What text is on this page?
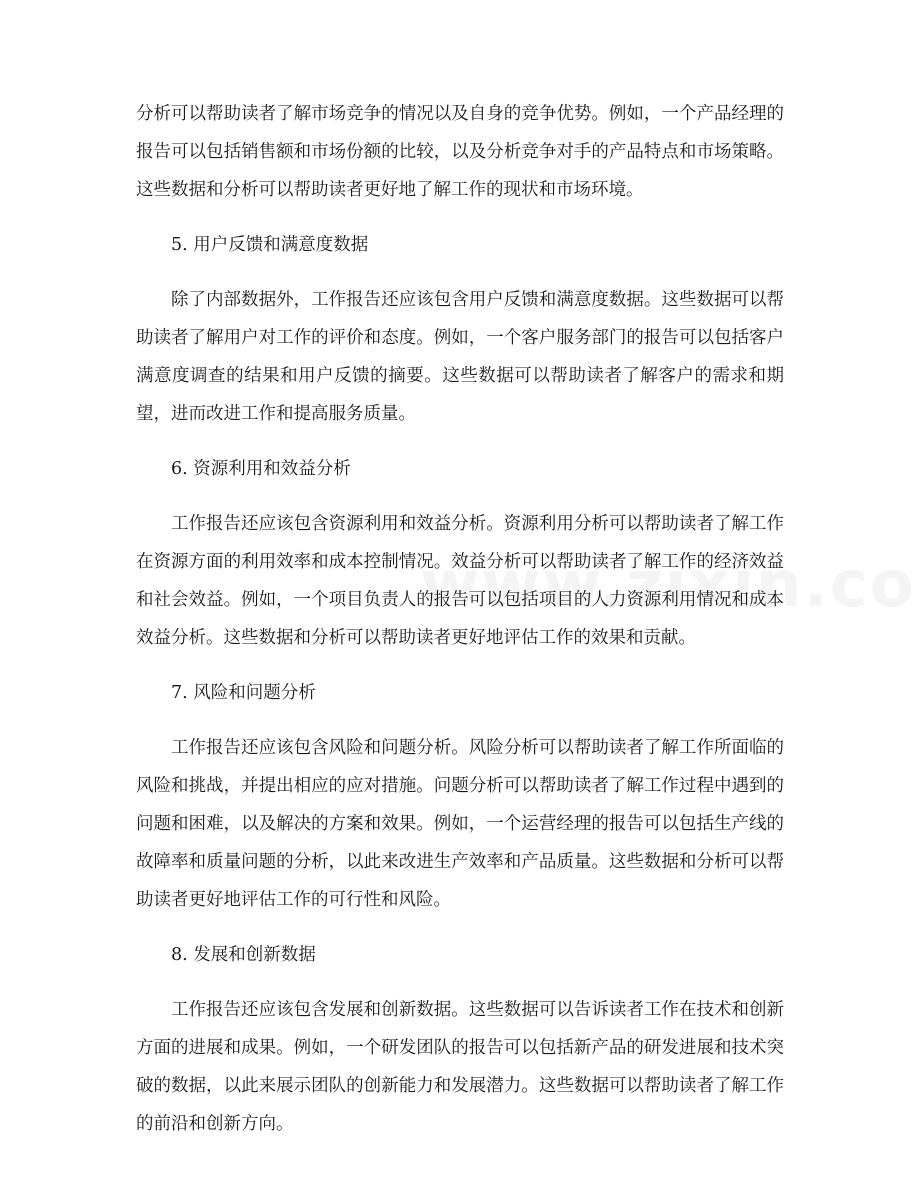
分析可以帮助读者了解市场竞争的情况以及自身的竞争优势。例如，一个产品经理的报告可以包括销售额和市场份额的比较，以及分析竞争对手的产品特点和市场策略。这些数据和分析可以帮助读者更好地了解工作的现状和市场环境。

5. 用户反馈和满意度数据

除了内部数据外，工作报告还应该包含用户反馈和满意度数据。这些数据可以帮助读者了解用户对工作的评价和态度。例如，一个客户服务部门的报告可以包括客户满意度调查的结果和用户反馈的摘要。这些数据可以帮助读者了解客户的需求和期望，进而改进工作和提高服务质量。

6. 资源利用和效益分析

工作报告还应该包含资源利用和效益分析。资源利用分析可以帮助读者了解工作在资源方面的利用效率和成本控制情况。效益分析可以帮助读者了解工作的经济效益和社会效益。例如，一个项目负责人的报告可以包括项目的人力资源利用情况和成本效益分析。这些数据和分析可以帮助读者更好地评估工作的效果和贡献。

7. 风险和问题分析

工作报告还应该包含风险和问题分析。风险分析可以帮助读者了解工作所面临的风险和挑战，并提出相应的应对措施。问题分析可以帮助读者了解工作过程中遇到的问题和困难，以及解决的方案和效果。例如，一个运营经理的报告可以包括生产线的故障率和质量问题的分析，以此来改进生产效率和产品质量。这些数据和分析可以帮助读者更好地评估工作的可行性和风险。

8. 发展和创新数据

工作报告还应该包含发展和创新数据。这些数据可以告诉读者工作在技术和创新方面的进展和成果。例如，一个研发团队的报告可以包括新产品的研发进展和技术突破的数据，以此来展示团队的创新能力和发展潜力。这些数据可以帮助读者了解工作的前沿和创新方向。
